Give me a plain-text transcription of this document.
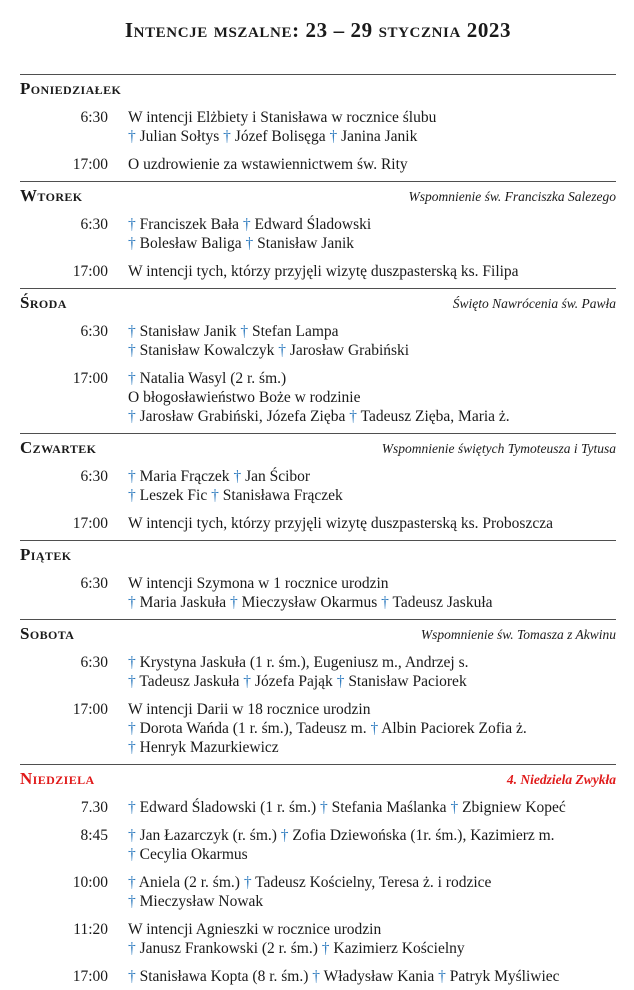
Intencje mszalne: 23 – 29 stycznia 2023
Poniedziałek
6:30 W intencji Elżbiety i Stanisława w rocznice ślubu
† Julian Sołtys † Józef Bolisęga † Janina Janik
17:00 O uzdrowienie za wstawiennictwem św. Rity
Wtorek	Wspomnienie św. Franciszka Salezego
6:30 † Franciszek Bała † Edward Śladowski
† Bolesław Baliga † Stanisław Janik
17:00 W intencji tych, którzy przyjęli wizytę duszpasterską ks. Filipa
Środa	Święto Nawrócenia św. Pawła
6:30 † Stanisław Janik † Stefan Lampa
† Stanisław Kowalczyk † Jarosław Grabiński
17:00 † Natalia Wasyl (2 r. śm.)
O błogosławieństwo Boże w rodzinie
† Jarosław Grabiński, Józefa Zięba † Tadeusz Zięba, Maria ż.
Czwartek	Wspomnienie świętych Tymoteusza i Tytusa
6:30 † Maria Frączek † Jan Ścibor
† Leszek Fic † Stanisława Frączek
17:00 W intencji tych, którzy przyjęli wizytę duszpasterską ks. Proboszcza
Piątek
6:30 W intencji Szymona w 1 rocznice urodzin
† Maria Jaskuła † Mieczysław Okarmus † Tadeusz Jaskuła
Sobota	Wspomnienie św. Tomasza z Akwinu
6:30 † Krystyna Jaskuła (1 r. śm.), Eugeniusz m., Andrzej s.
† Tadeusz Jaskuła † Józefa Pająk † Stanisław Paciorek
17:00 W intencji Darii w 18 rocznice urodzin
† Dorota Wańda (1 r. śm.), Tadeusz m. † Albin Paciorek Zofia ż.
† Henryk Mazurkiewicz
Niedziela	4. Niedziela Zwykła
7.30 † Edward Śladowski (1 r. śm.) † Stefania Maślanka † Zbigniew Kopeć
8:45 † Jan Łazarczyk (r. śm.) † Zofia Dziewońska (1r. śm.), Kazimierz m.
† Cecylia Okarmus
10:00 † Aniela (2 r. śm.) † Tadeusz Kościelny, Teresa ż. i rodzice
† Mieczysław Nowak
11:20 W intencji Agnieszki w rocznice urodzin
† Janusz Frankowski (2 r. śm.) † Kazimierz Kościelny
17:00 † Stanisława Kopta (8 r. śm.) † Władysław Kania † Patryk Myśliwiec
